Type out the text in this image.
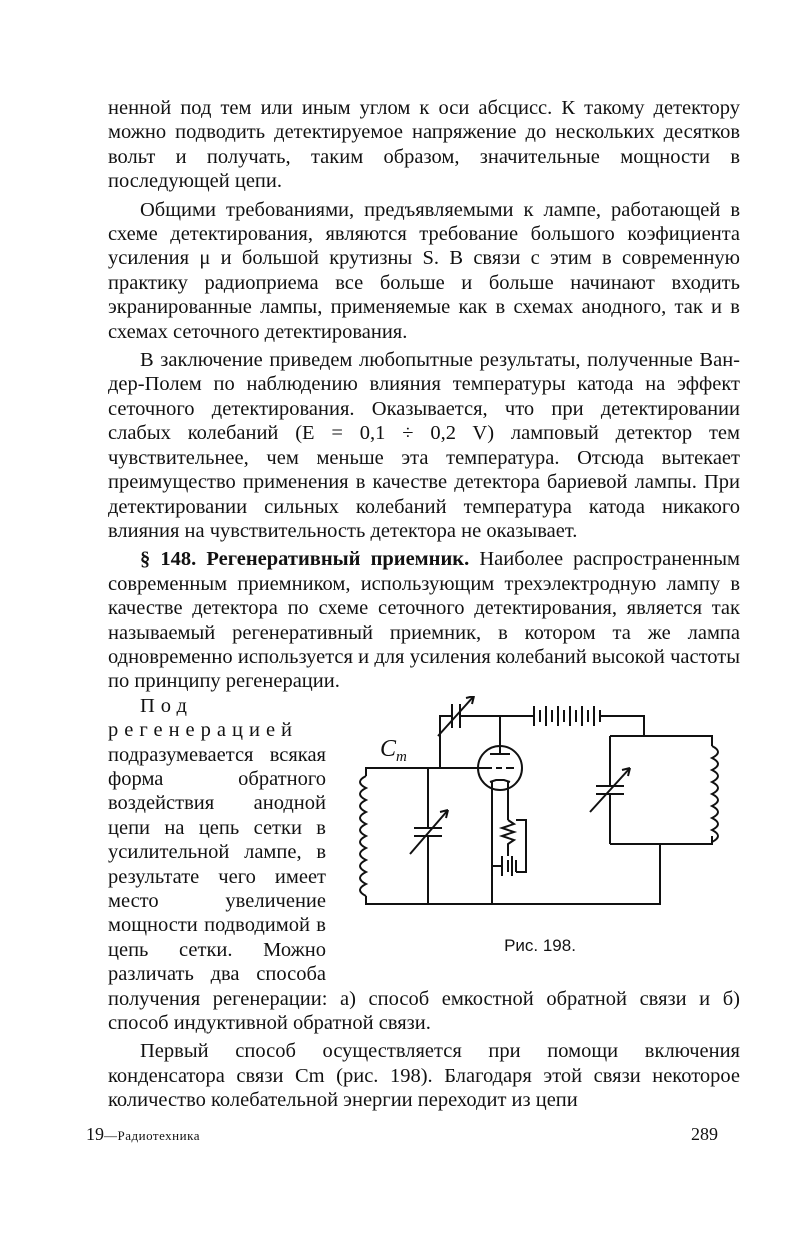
ненной под тем или иным углом к оси абсцисс. К такому детектору можно подводить детектируемое напряжение до нескольких десятков вольт и получать, таким образом, значительные мощности в последующей цепи.

Общими требованиями, предъявляемыми к лампе, работающей в схеме детектирования, являются требование большого коэфициента усиления μ и большой крутизны S. В связи с этим в современную практику радиоприема все больше и больше начинают входить экранированные лампы, применяемые как в схемах анодного, так и в схемах сеточного детектирования.

В заключение приведем любопытные результаты, полученные Ван-дер-Полем по наблюдению влияния температуры катода на эффект сеточного детектирования. Оказывается, что при детектировании слабых колебаний (E = 0,1 ÷ 0,2 V) ламповый детектор тем чувствительнее, чем меньше эта температура. Отсюда вытекает преимущество применения в качестве детектора бариевой лампы. При детектировании сильных колебаний температура катода никакого влияния на чувствительность детектора не оказывает.

§ 148. Регенеративный приемник. Наиболее распространенным современным приемником, использующим трехэлектродную лампу в качестве детектора по схеме сеточного детектирования, является так называемый регенеративный приемник, в котором та же лампа одновременно используется и для усиления колебаний высокой частоты по принципу регенерации.

$C_m$
Рис. 198.

Под регенерацией подразумевается всякая форма обратного воздействия анодной цепи на цепь сетки в усилительной лампе, в результате чего имеет место увеличение мощности подводимой в цепь сетки. Можно различать два способа получения регенерации: а) способ емкостной обратной связи и б) способ индуктивной обратной связи.

Первый способ осуществляется при помощи включения конденсатора связи Cm (рис. 198). Благодаря этой связи некоторое количество колебательной энергии переходит из цепи

19—Радиотехника	289
